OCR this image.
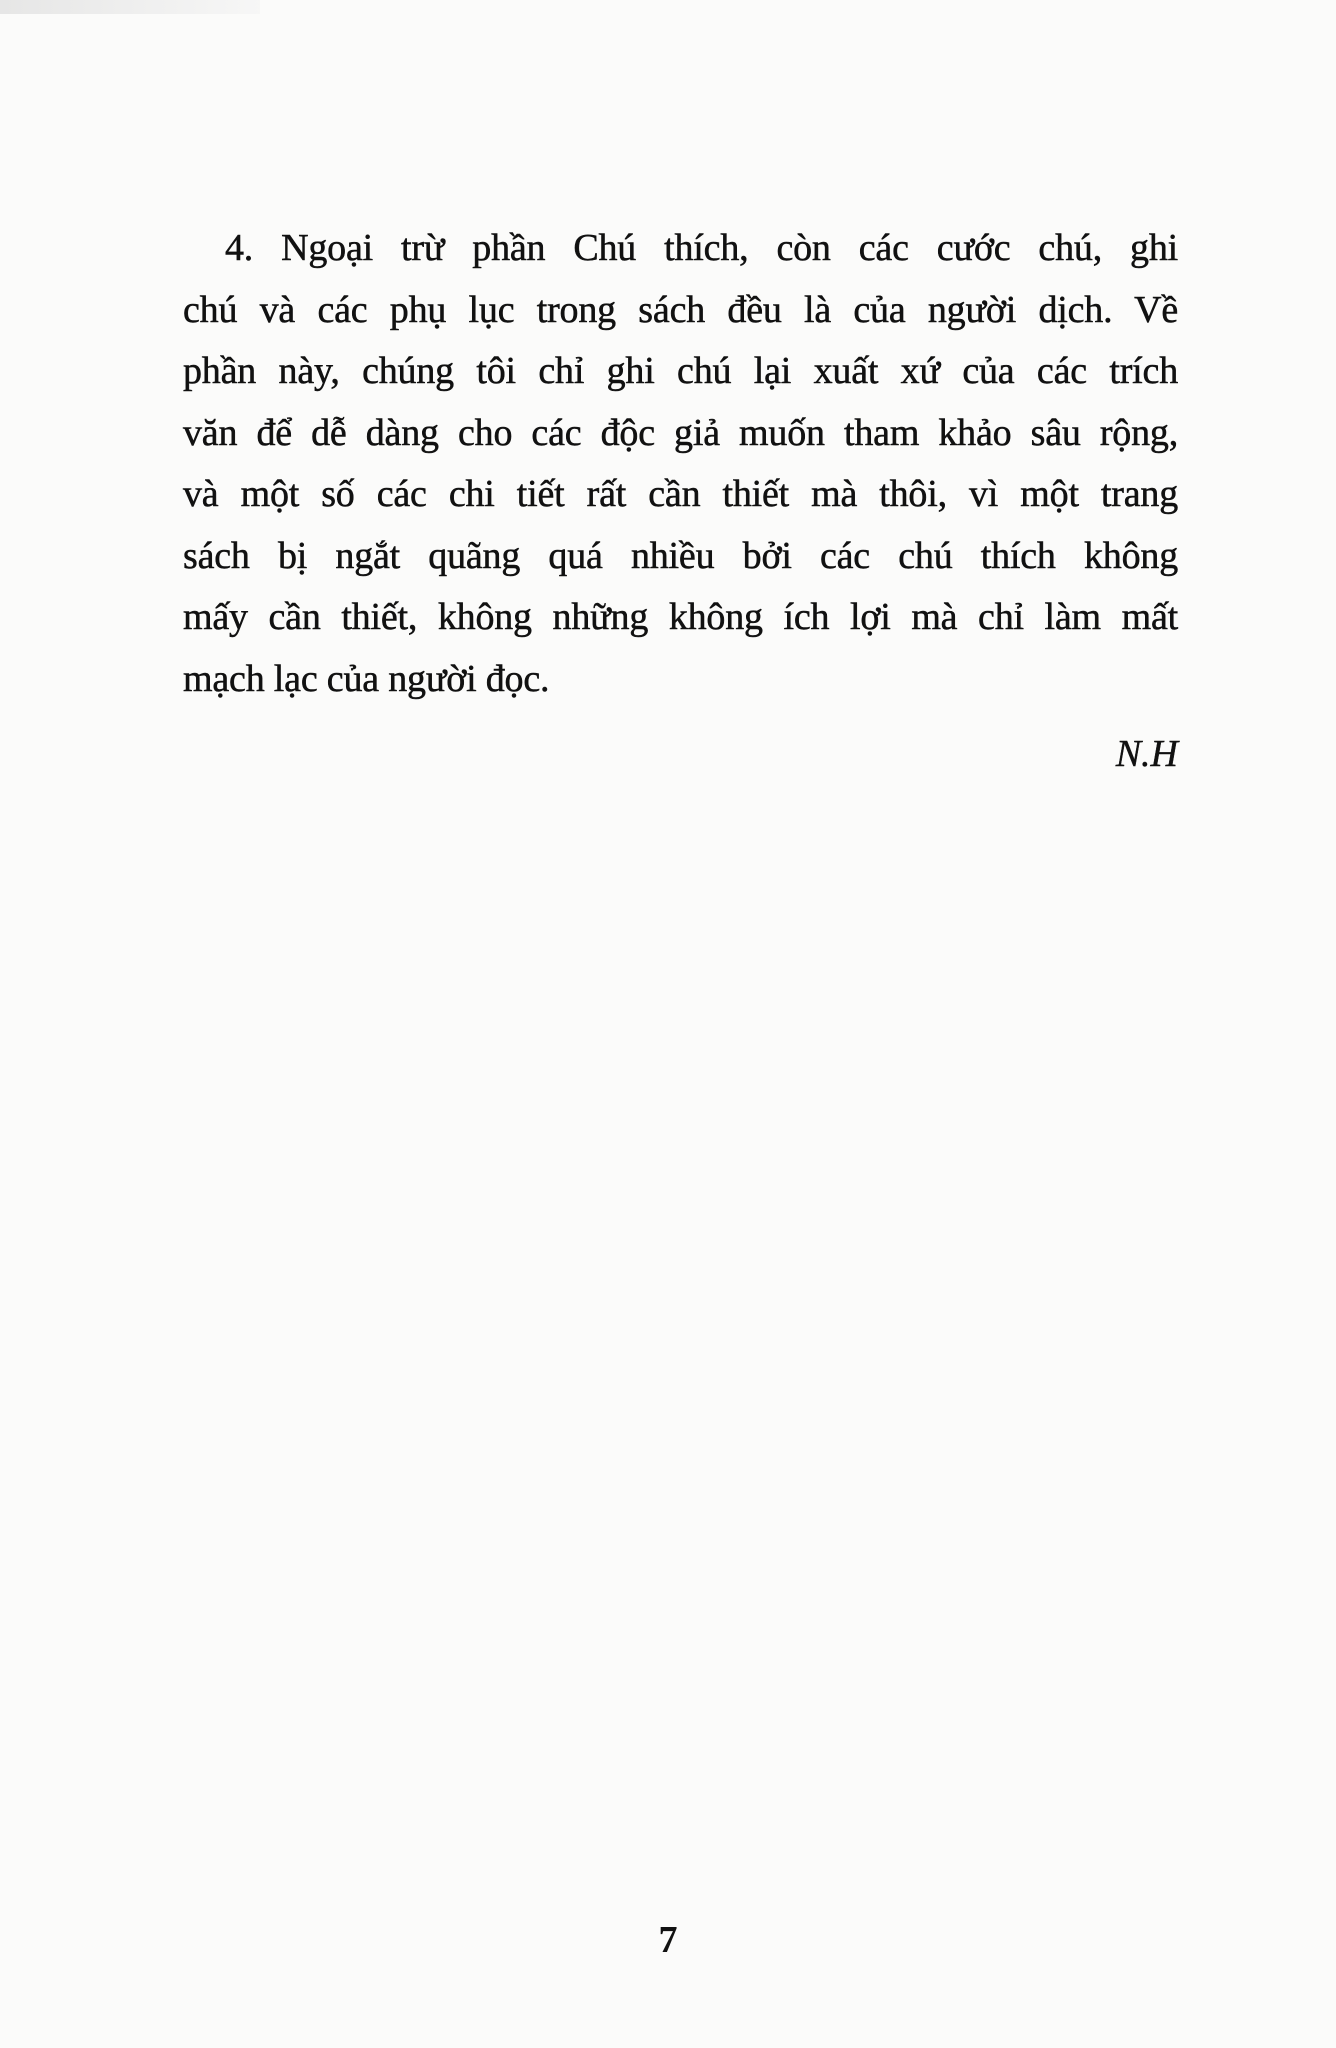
4. Ngoại trừ phần Chú thích, còn các cước chú, ghi
chú và các phụ lục trong sách đều là của người dịch. Về
phần này, chúng tôi chỉ ghi chú lại xuất xứ của các trích
văn để dễ dàng cho các độc giả muốn tham khảo sâu rộng,
và một số các chi tiết rất cần thiết mà thôi, vì một trang
sách bị ngắt quãng quá nhiều bởi các chú thích không
mấy cần thiết, không những không ích lợi mà chỉ làm mất
mạch lạc của người đọc.
N.H
7
